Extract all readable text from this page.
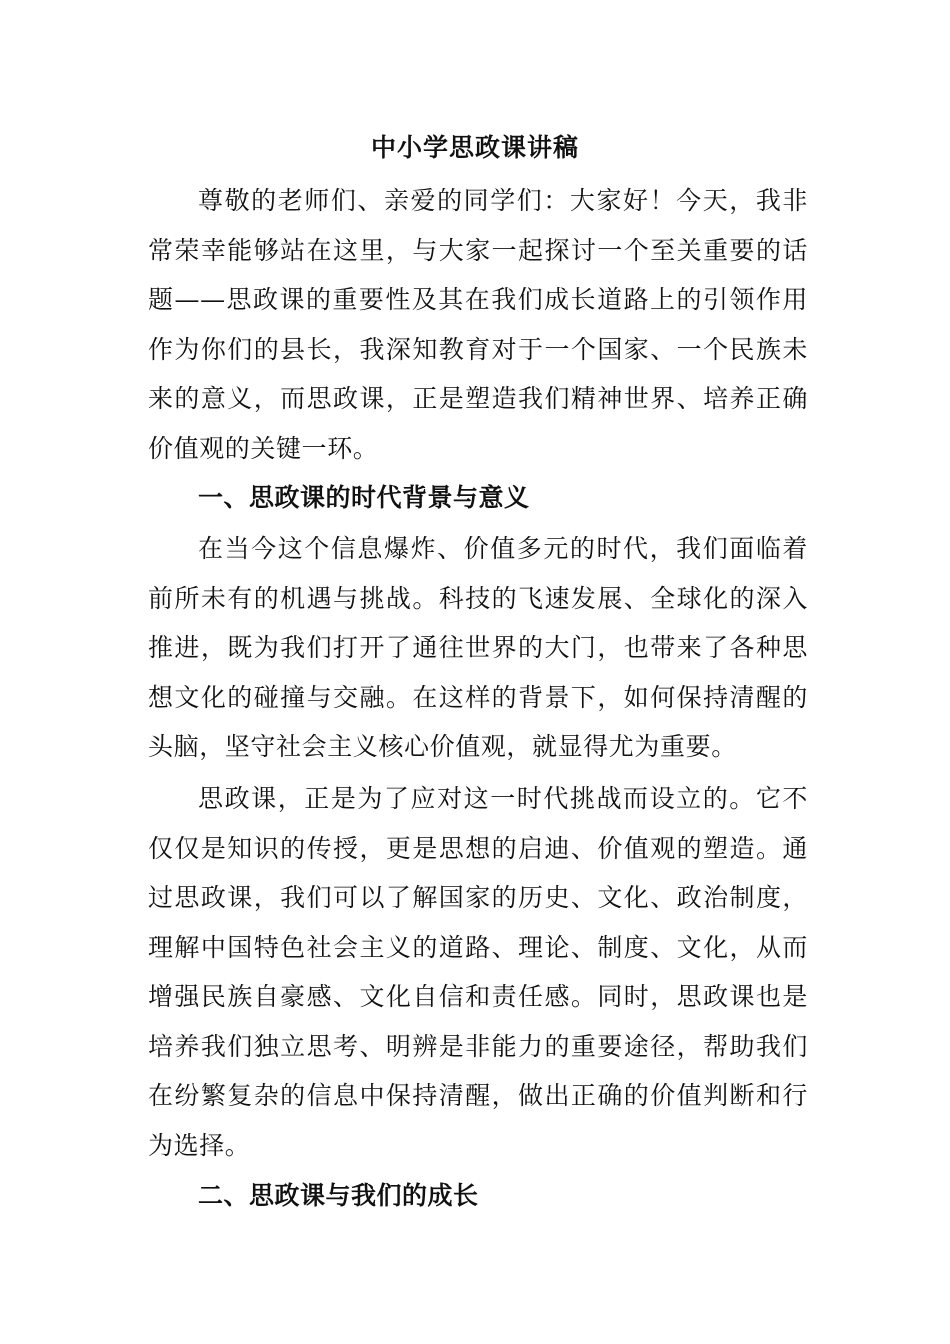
中小学思政课讲稿

尊敬的老师们、亲爱的同学们：大家好！今天，我非常荣幸能够站在这里，与大家一起探讨一个至关重要的话题——思政课的重要性及其在我们成长道路上的引领作用作为你们的县长，我深知教育对于一个国家、一个民族未来的意义，而思政课，正是塑造我们精神世界、培养正确价值观的关键一环。

一、思政课的时代背景与意义

在当今这个信息爆炸、价值多元的时代，我们面临着前所未有的机遇与挑战。科技的飞速发展、全球化的深入推进，既为我们打开了通往世界的大门，也带来了各种思想文化的碰撞与交融。在这样的背景下，如何保持清醒的头脑，坚守社会主义核心价值观，就显得尤为重要。

思政课，正是为了应对这一时代挑战而设立的。它不仅仅是知识的传授，更是思想的启迪、价值观的塑造。通过思政课，我们可以了解国家的历史、文化、政治制度，理解中国特色社会主义的道路、理论、制度、文化，从而增强民族自豪感、文化自信和责任感。同时，思政课也是培养我们独立思考、明辨是非能力的重要途径，帮助我们在纷繁复杂的信息中保持清醒，做出正确的价值判断和行为选择。

二、思政课与我们的成长
